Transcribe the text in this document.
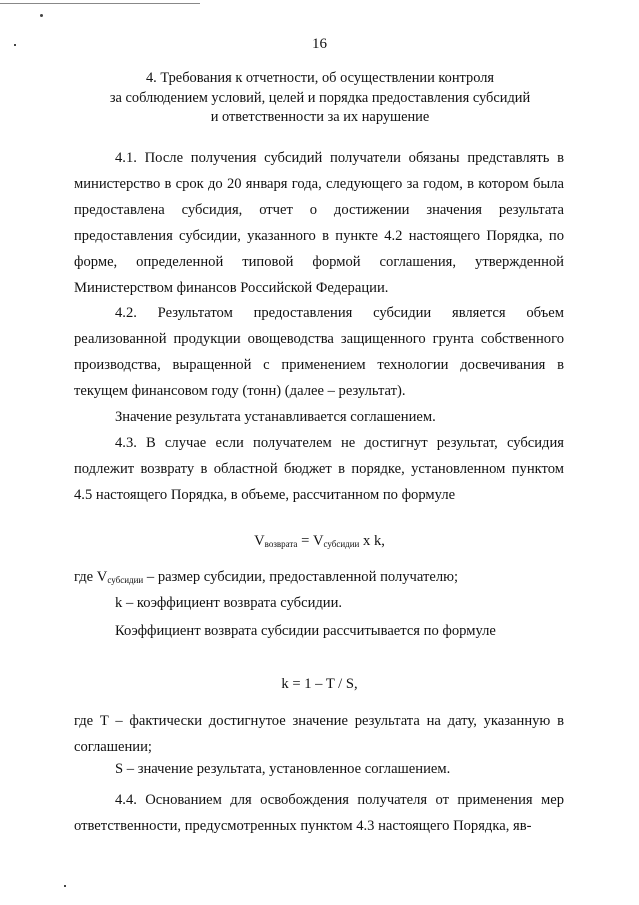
16
4. Требования к отчетности, об осуществлении контроля
за соблюдением условий, целей и порядка предоставления субсидий
и ответственности за их нарушение

4.1. После получения субсидий получатели обязаны представлять в министерство в срок до 20 января года, следующего за годом, в котором была предоставлена субсидия, отчет о достижении значения результата предоставления субсидии, указанного в пункте 4.2 настоящего Порядка, по форме, определенной типовой формой соглашения, утвержденной Министерством финансов Российской Федерации.

4.2. Результатом предоставления субсидии является объем реализованной продукции овощеводства защищенного грунта собственного производства, выращенной с применением технологии досвечивания в текущем финансовом году (тонн) (далее – результат).

Значение результата устанавливается соглашением.

4.3. В случае если получателем не достигнут результат, субсидия подлежит возврату в областной бюджет в порядке, установленном пунктом 4.5 настоящего Порядка, в объеме, рассчитанном по формуле

$V_{возврата} = V_{субсидии}$ x k,
где $V_{субсидии}$ – размер субсидии, предоставленной получателю;
k – коэффициент возврата субсидии.
Коэффициент возврата субсидии рассчитывается по формуле
k = 1 – T / S,

где T – фактически достигнутое значение результата на дату, указанную в соглашении;

S – значение результата, установленное соглашением.

4.4. Основанием для освобождения получателя от применения мер ответственности, предусмотренных пунктом 4.3 настоящего Порядка, яв-
